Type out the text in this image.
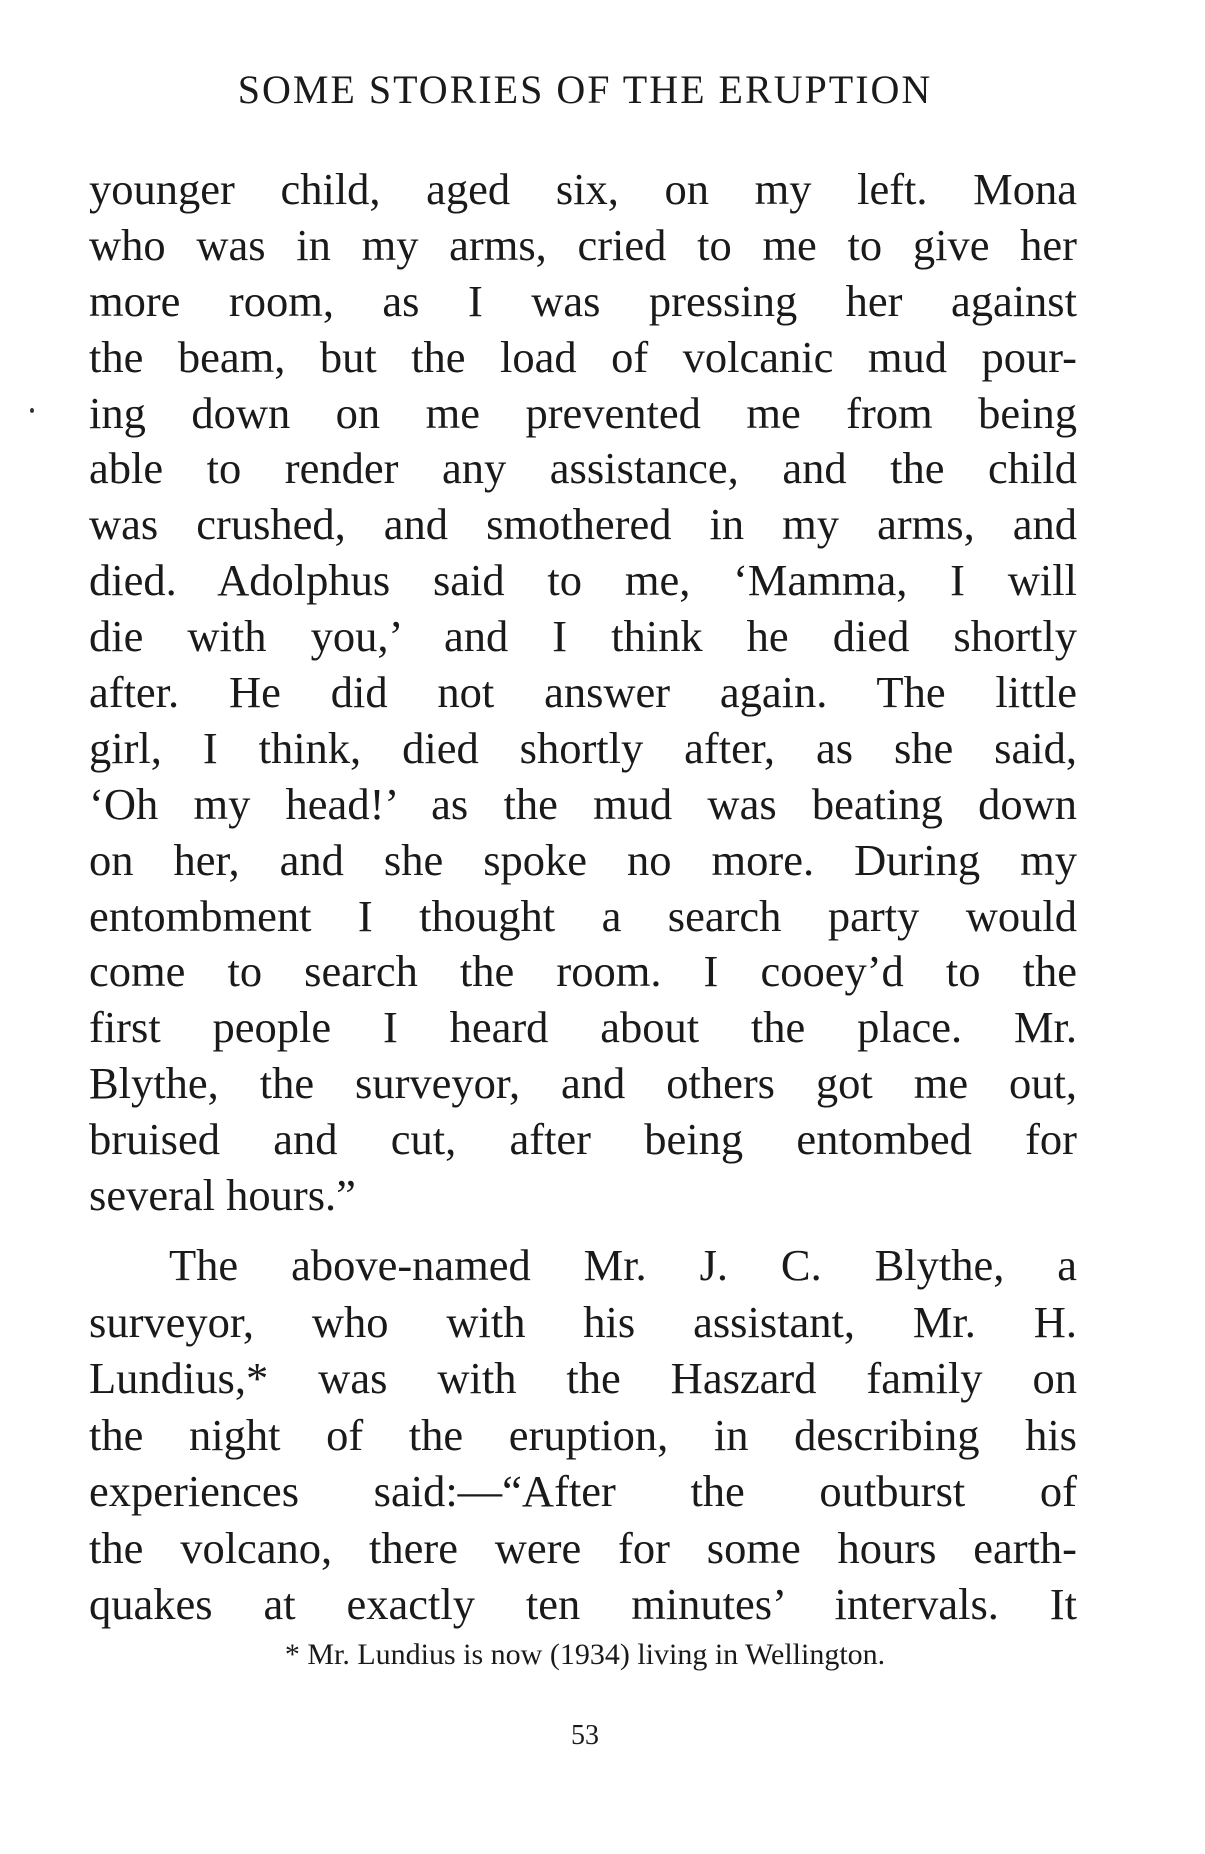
SOME STORIES OF THE ERUPTION
younger child, aged six, on my left. Mona
who was in my arms, cried to me to give her
more room, as I was pressing her against
the beam, but the load of volcanic mud pour-
ing down on me prevented me from being
able to render any assistance, and the child
was crushed, and smothered in my arms, and
died. Adolphus said to me, ‘Mamma, I will
die with you,’ and I think he died shortly
after. He did not answer again. The little
girl, I think, died shortly after, as she said,
‘Oh my head!’ as the mud was beating down
on her, and she spoke no more. During my
entombment I thought a search party would
come to search the room. I cooey’d to the
first people I heard about the place. Mr.
Blythe, the surveyor, and others got me out,
bruised and cut, after being entombed for
several hours.”
The above-named Mr. J. C. Blythe, a
surveyor, who with his assistant, Mr. H.
Lundius,* was with the Haszard family on
the night of the eruption, in describing his
experiences said:—“After the outburst of
the volcano, there were for some hours earth-
quakes at exactly ten minutes’ intervals. It
* Mr. Lundius is now (1934) living in Wellington.
53
